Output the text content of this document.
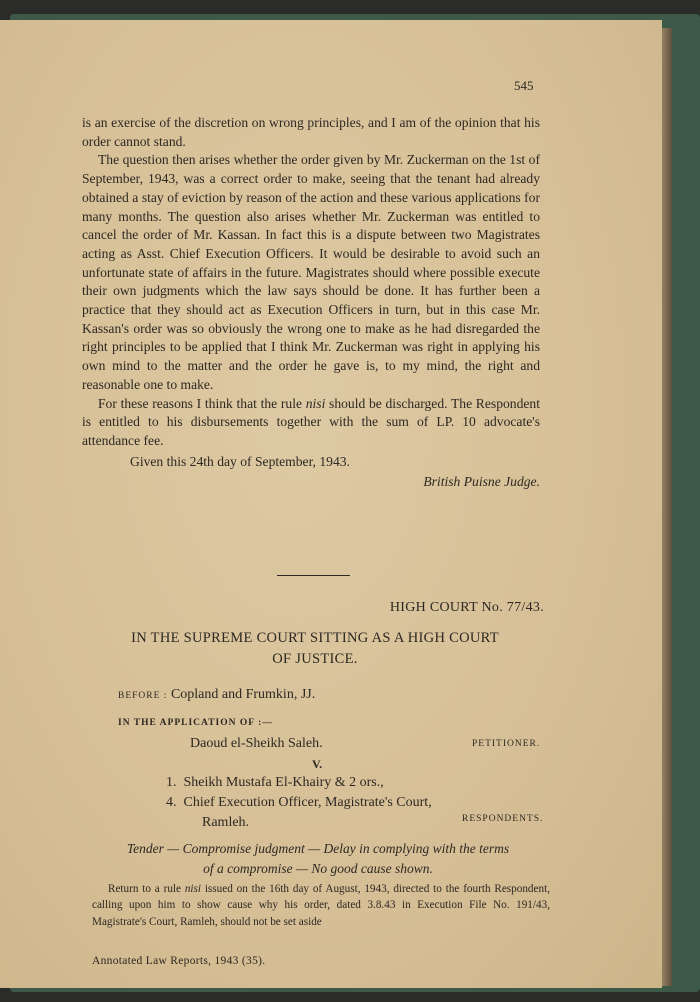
545

is an exercise of the discretion on wrong principles, and I am of the opinion that his order cannot stand.

The question then arises whether the order given by Mr. Zuckerman on the 1st of September, 1943, was a correct order to make, seeing that the tenant had already obtained a stay of eviction by reason of the action and these various applications for many months. The question also arises whether Mr. Zuckerman was entitled to cancel the order of Mr. Kassan. In fact this is a dispute between two Magistrates acting as Asst. Chief Execution Officers. It would be desirable to avoid such an unfortunate state of affairs in the future. Magistrates should where possible execute their own judgments which the law says should be done. It has further been a practice that they should act as Execution Officers in turn, but in this case Mr. Kassan's order was so obviously the wrong one to make as he had disregarded the right principles to be applied that I think Mr. Zuckerman was right in applying his own mind to the matter and the order he gave is, to my mind, the right and reasonable one to make.

For these reasons I think that the rule nisi should be discharged. The Respondent is entitled to his disbursements together with the sum of LP. 10 advocate's attendance fee.

Given this 24th day of September, 1943.

British Puisne Judge.

HIGH COURT No. 77/43.
IN THE SUPREME COURT SITTING AS A HIGH COURT
OF JUSTICE.
BEFORE : Copland and Frumkin, JJ.
IN THE APPLICATION OF :—
Daoud el-Sheikh Saleh.	PETITIONER.
V.
1. Sheikh Mustafa El-Khairy & 2 ors.,
4. Chief Execution Officer, Magistrate's Court,
Ramleh.	RESPONDENTS.
Tender — Compromise judgment — Delay in complying with the terms
of a compromise — No good cause shown.

Return to a rule nisi issued on the 16th day of August, 1943, directed to the fourth Respondent, calling upon him to show cause why his order, dated 3.8.43 in Execution File No. 191/43, Magistrate's Court, Ramleh, should not be set aside

Annotated Law Reports, 1943 (35).
